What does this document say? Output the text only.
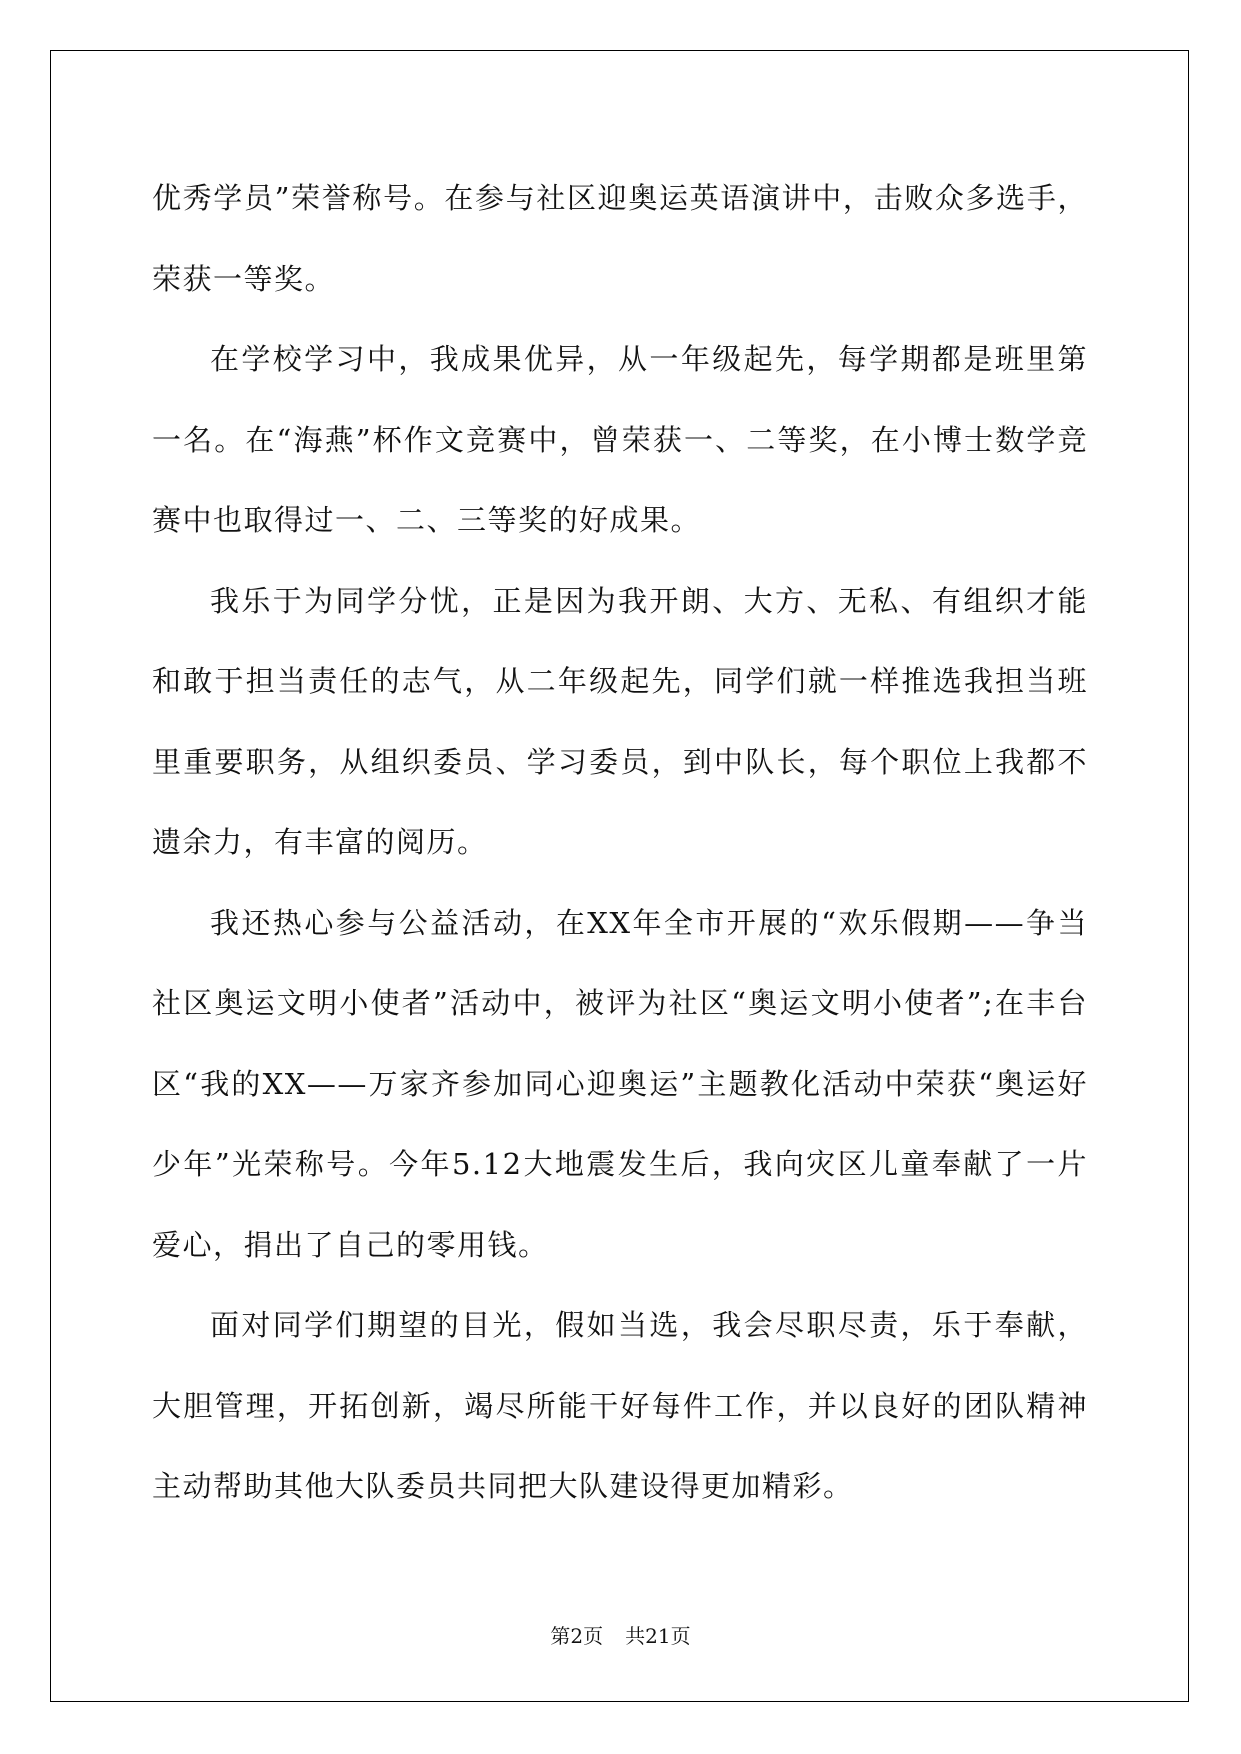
优秀学员”荣誉称号。在参与社区迎奥运英语演讲中，击败众多选手，荣获一等奖。

在学校学习中，我成果优异，从一年级起先，每学期都是班里第一名。在“海燕”杯作文竞赛中，曾荣获一、二等奖，在小博士数学竞赛中也取得过一、二、三等奖的好成果。

我乐于为同学分忧，正是因为我开朗、大方、无私、有组织才能和敢于担当责任的志气，从二年级起先，同学们就一样推选我担当班里重要职务，从组织委员、学习委员，到中队长，每个职位上我都不遗余力，有丰富的阅历。

我还热心参与公益活动，在XX年全市开展的“欢乐假期——争当社区奥运文明小使者”活动中，被评为社区“奥运文明小使者”;在丰台区“我的XX——万家齐参加同心迎奥运”主题教化活动中荣获“奥运好少年”光荣称号。今年5.12大地震发生后，我向灾区儿童奉献了一片爱心，捐出了自己的零用钱。

面对同学们期望的目光，假如当选，我会尽职尽责，乐于奉献，大胆管理，开拓创新，竭尽所能干好每件工作，并以良好的团队精神主动帮助其他大队委员共同把大队建设得更加精彩。

第2页 共21页
